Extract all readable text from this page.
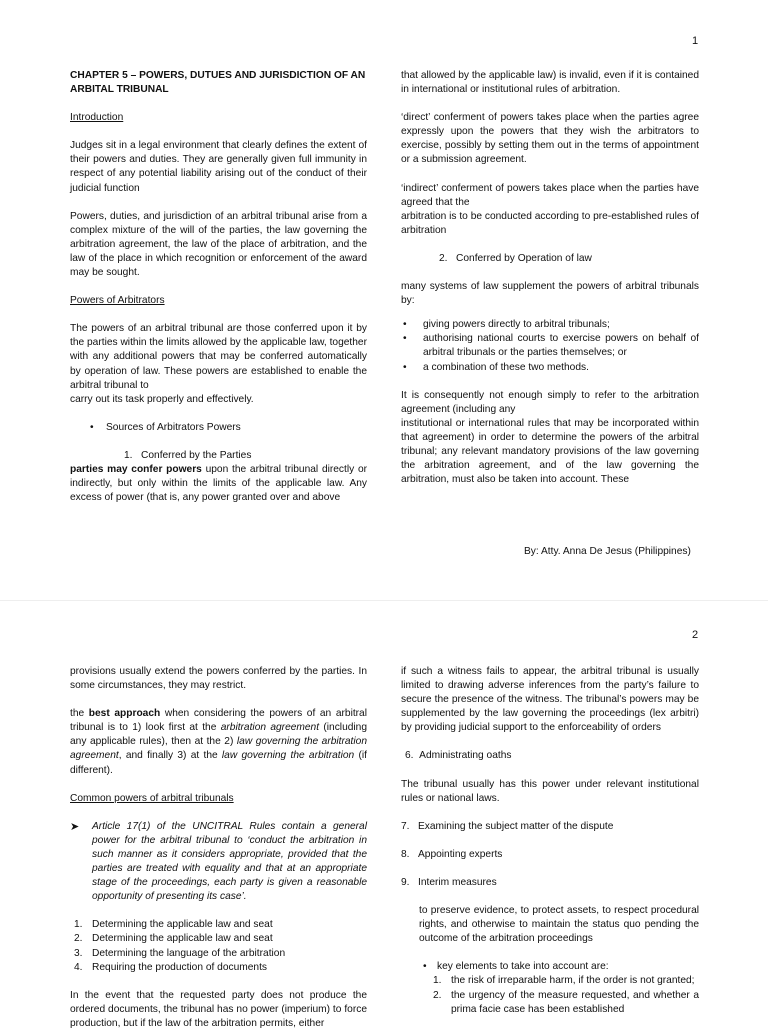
1

CHAPTER 5 – POWERS, DUTUES AND JURISDICTION OF AN ARBITAL TRIBUNAL

Introduction

Judges sit in a legal environment that clearly defines the extent of their powers and duties. They are generally given full immunity in respect of any potential liability arising out of the conduct of their judicial function

Powers, duties, and jurisdiction of an arbitral tribunal arise from a complex mixture of the will of the parties, the law governing the arbitration agreement, the law of the place of arbitration, and the law of the place in which recognition or enforcement of the award may be sought.

Powers of Arbitrators

The powers of an arbitral tribunal are those conferred upon it by the parties within the limits allowed by the applicable law, together with any additional powers that may be conferred automatically by operation of law. These powers are established to enable the arbitral tribunal to

carry out its task properly and effectively.

• Sources of Arbitrators Powers
1. Conferred by the Parties

parties may confer powers upon the arbitral tribunal directly or indirectly, but only within the limits of the applicable law. Any excess of power (that is, any power granted over and above

that allowed by the applicable law) is invalid, even if it is contained in international or institutional rules of arbitration.

‘direct’ conferment of powers takes place when the parties agree expressly upon the powers that they wish the arbitrators to exercise, possibly by setting them out in the terms of appointment or a submission agreement.

‘indirect’ conferment of powers takes place when the parties have agreed that the

arbitration is to be conducted according to pre-established rules of arbitration

2. Conferred by Operation of law

many systems of law supplement the powers of arbitral tribunals by:

• giving powers directly to arbitral tribunals;
• authorising national courts to exercise powers on behalf of arbitral tribunals or the parties themselves; or
• a combination of these two methods.

It is consequently not enough simply to refer to the arbitration agreement (including any

institutional or international rules that may be incorporated within that agreement) in order to determine the powers of the arbitral tribunal; any relevant mandatory provisions of the law governing the arbitration agreement, and of the law governing the arbitration, must also be taken into account. These

By: Atty. Anna De Jesus (Philippines)
2

provisions usually extend the powers conferred by the parties. In some circumstances, they may restrict.

the best approach when considering the powers of an arbitral tribunal is to 1) look first at the arbitration agreement (including any applicable rules), then at the 2) law governing the arbitration agreement, and finally 3) at the law governing the arbitration (if different).

Common powers of arbitral tribunals

➤ Article 17(1) of the UNCITRAL Rules contain a general power for the arbitral tribunal to ‘conduct the arbitration in such manner as it considers appropriate, provided that the parties are treated with equality and that at an appropriate stage of the proceedings, each party is given a reasonable opportunity of presenting its case’.

1. Determining the applicable law and seat
2. Determining the applicable law and seat
3. Determining the language of the arbitration
4. Requiring the production of documents

In the event that the requested party does not produce the ordered documents, the tribunal has no power (imperium) to force production, but if the law of the arbitration permits, either

if such a witness fails to appear, the arbitral tribunal is usually limited to drawing adverse inferences from the party’s failure to secure the presence of the witness. The tribunal’s powers may be supplemented by the law governing the proceedings (lex arbitri) by providing judicial support to the enforceability of orders

6. Administrating oaths

The tribunal usually has this power under relevant institutional rules or national laws.

7. Examining the subject matter of the dispute
8. Appointing experts
9. Interim measures

to preserve evidence, to protect assets, to respect procedural rights, and otherwise to maintain the status quo pending the outcome of the arbitration proceedings

• key elements to take into account are:
1. the risk of irreparable harm, if the order is not granted;
2. the urgency of the measure requested, and whether a prima facie case has been established
